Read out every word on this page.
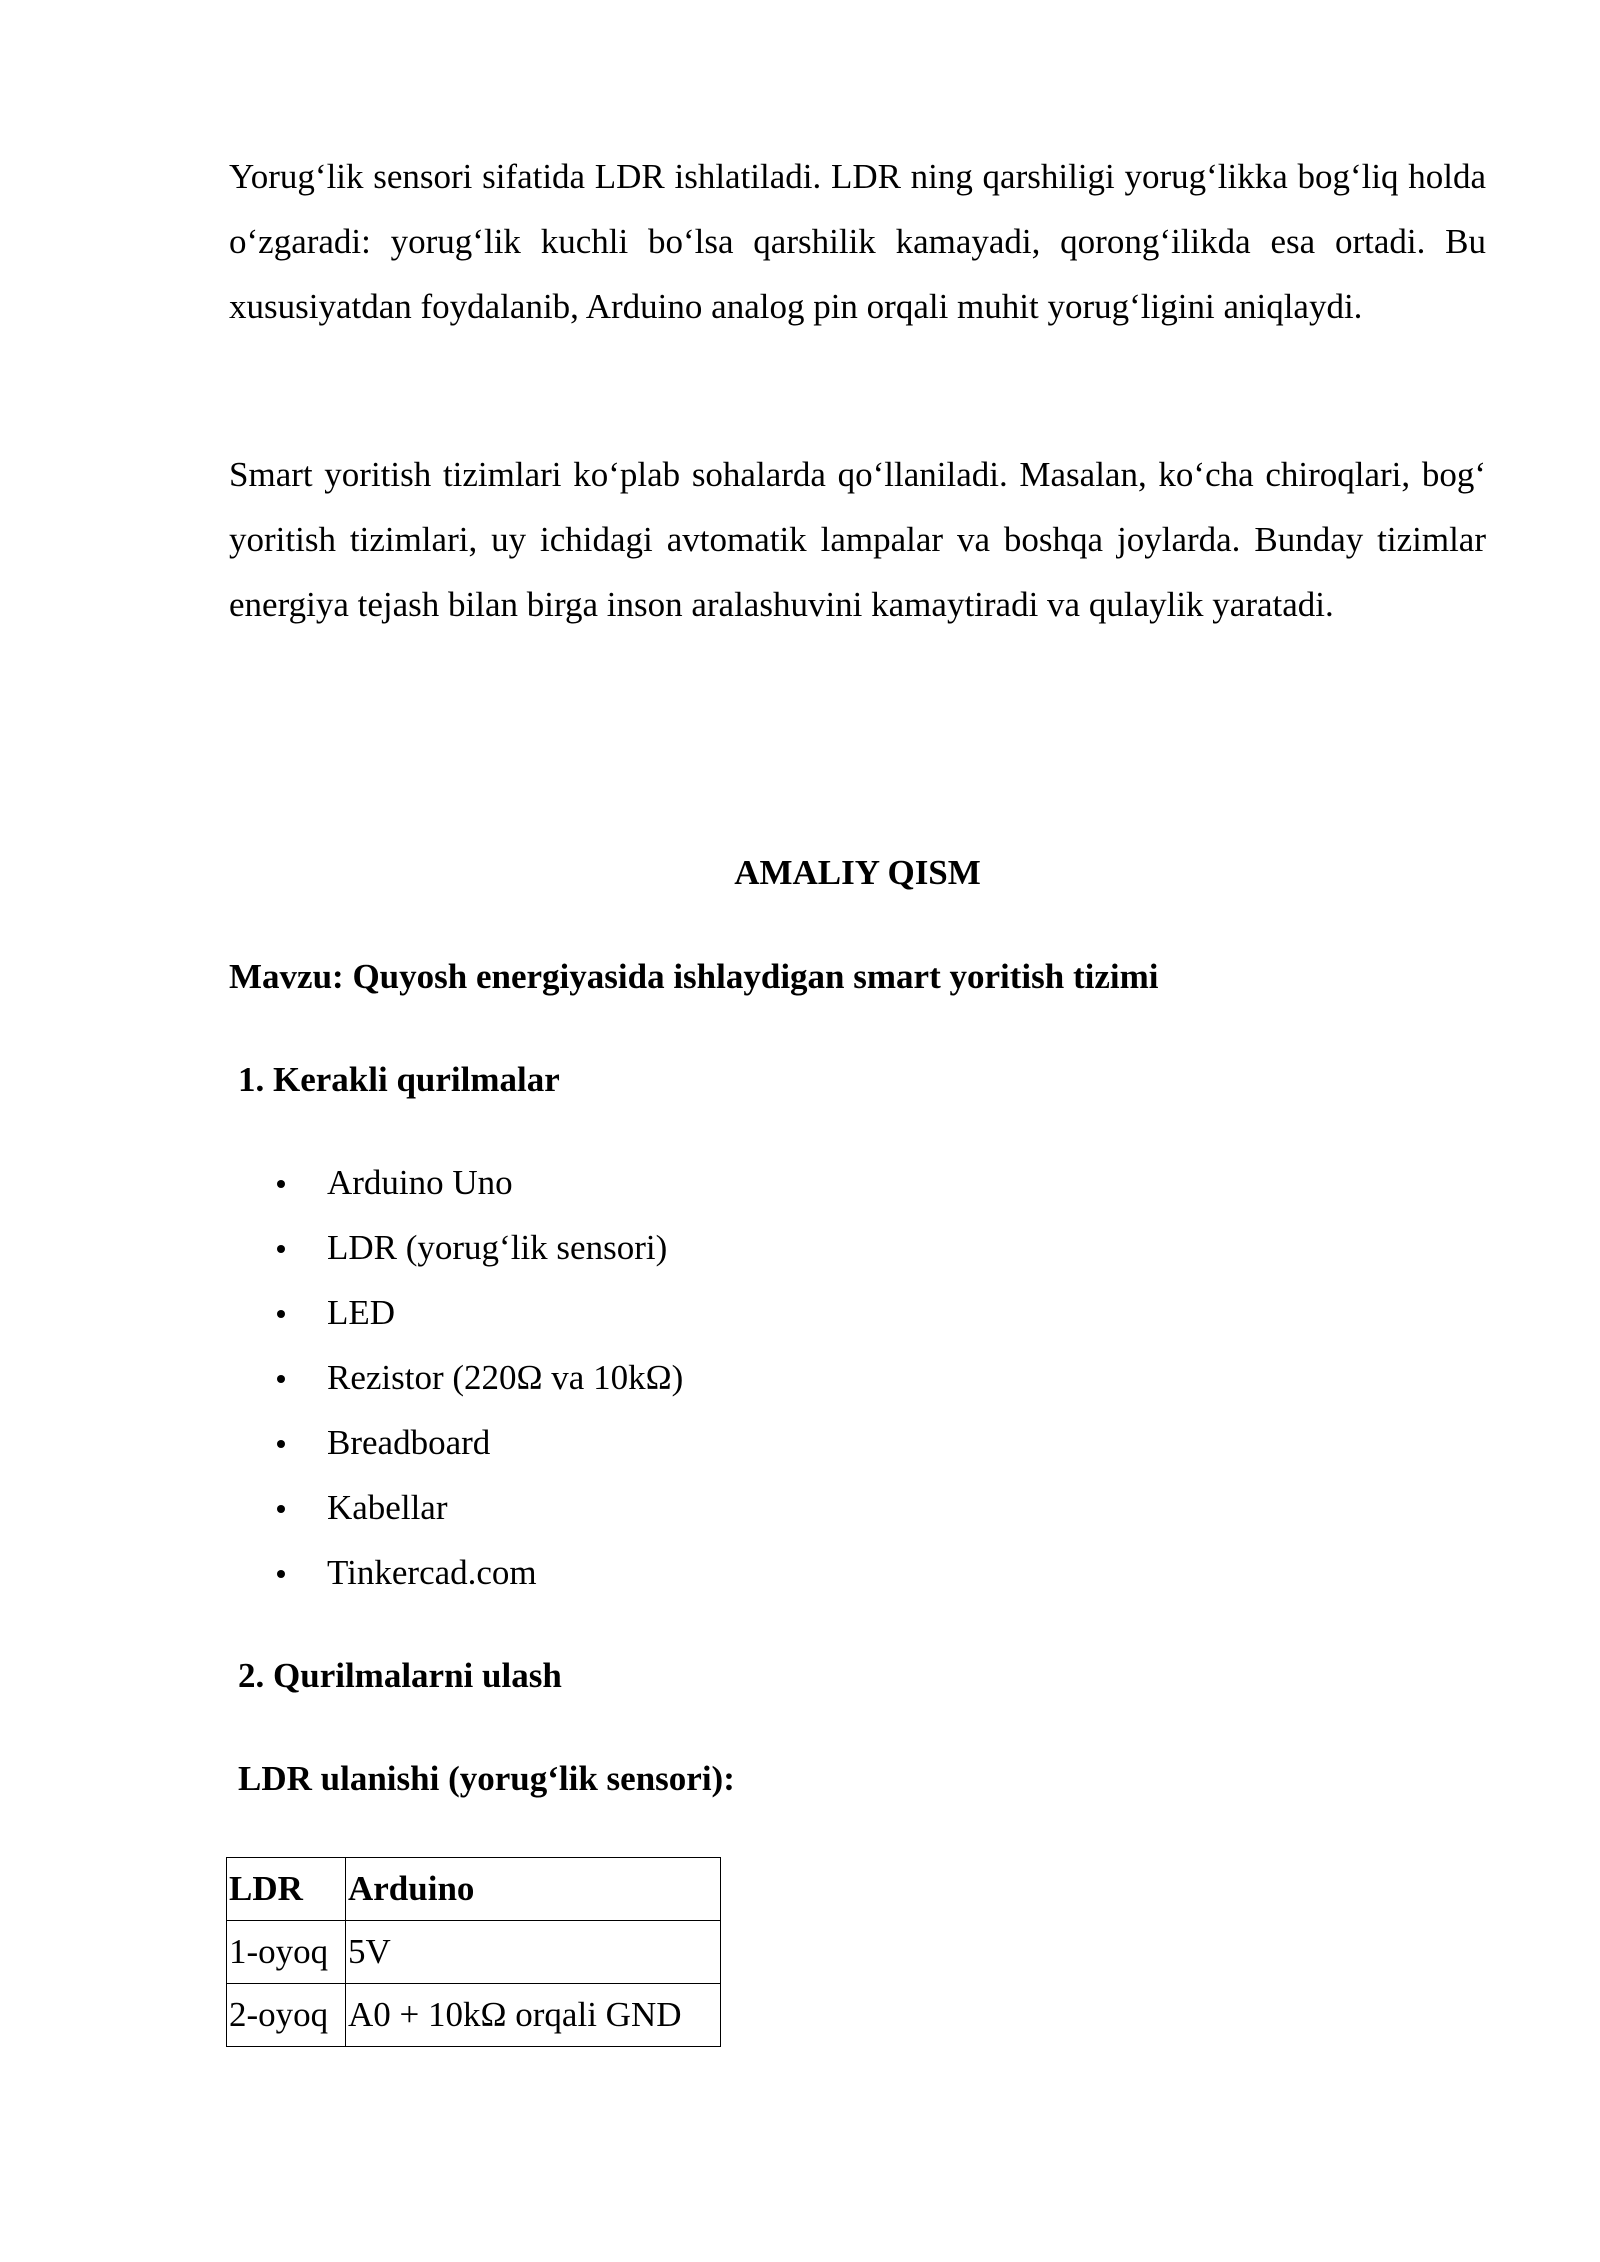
Yorug‘lik sensori sifatida LDR ishlatiladi. LDR ning qarshiligi yorug‘likka bog‘liq holda o‘zgaradi: yorug‘lik kuchli bo‘lsa qarshilik kamayadi, qorong‘ilikda esa ortadi. Bu xususiyatdan foydalanib, Arduino analog pin orqali muhit yorug‘ligini aniqlaydi.

Smart yoritish tizimlari ko‘plab sohalarda qo‘llaniladi. Masalan, ko‘cha chiroqlari, bog‘ yoritish tizimlari, uy ichidagi avtomatik lampalar va boshqa joylarda. Bunday tizimlar energiya tejash bilan birga inson aralashuvini kamaytiradi va qulaylik yaratadi.

AMALIY QISM

Mavzu: Quyosh energiyasida ishlaydigan smart yoritish tizimi

1. Kerakli qurilmalar

Arduino Uno
LDR (yorug‘lik sensori)
LED
Rezistor (220Ω va 10kΩ)
Breadboard
Kabellar
Tinkercad.com

2. Qurilmalarni ulash

LDR ulanishi (yorug‘lik sensori):

LDR	Arduino
1-oyoq	5V
2-oyoq	A0 + 10kΩ orqali GND
